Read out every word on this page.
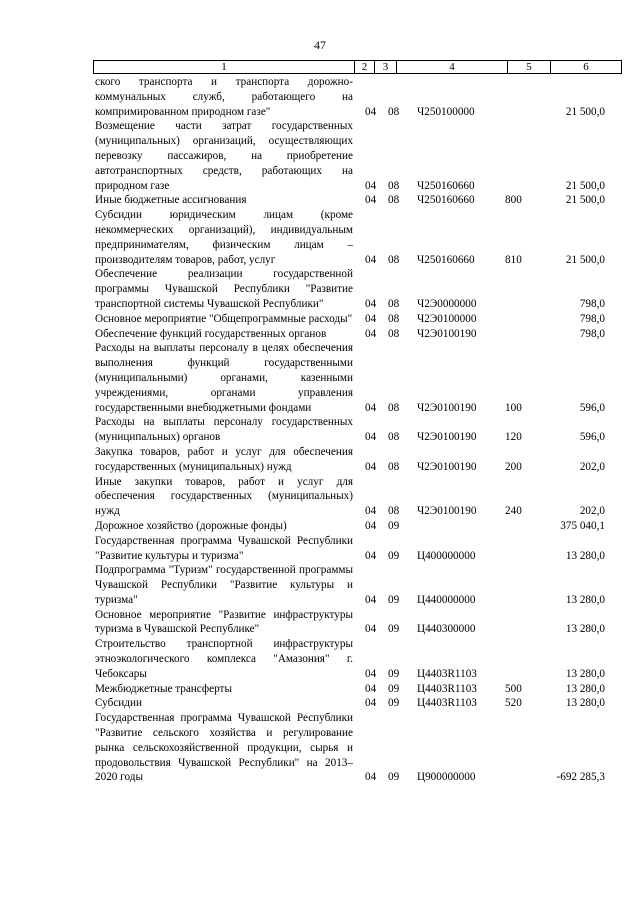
47
1	2	3	4	5	6
ского транспорта и транспорта дорожно-коммунальных служб, работающего на компримированном природном газе"	04 08 Ч250100000	21 500,0
Возмещение части затрат государственных (муниципальных) организаций, осуществляющих перевозку пассажиров, на приобретение автотранспортных средств, работающих на природном газе	04 08 Ч250160660	21 500,0
Иные бюджетные ассигнования	04 08 Ч250160660	800	21 500,0
Субсидии юридическим лицам (кроме некоммерческих организаций), индивидуальным предпринимателям, физическим лицам – производителям товаров, работ, услуг	04 08 Ч250160660	810	21 500,0
Обеспечение реализации государственной программы Чувашской Республики "Развитие транспортной системы Чувашской Республики"	04 08 Ч2Э0000000	798,0
Основное мероприятие "Общепрограммные расходы" 04 08 Ч2Э0100000	798,0
Обеспечение функций государственных органов	04 08 Ч2Э0100190	798,0
Расходы на выплаты персоналу в целях обеспечения выполнения функций государственными (муниципальными) органами, казенными учреждениями, органами управления государственными внебюджетными фондами	04 08 Ч2Э0100190	100	596,0
Расходы на выплаты персоналу государственных (муниципальных) органов	04 08 Ч2Э0100190	120	596,0
Закупка товаров, работ и услуг для обеспечения государственных (муниципальных) нужд	04 08 Ч2Э0100190	200	202,0
Иные закупки товаров, работ и услуг для обеспечения государственных (муниципальных) нужд	04 08 Ч2Э0100190	240	202,0
Дорожное хозяйство (дорожные фонды)	04 09	375 040,1
Государственная программа Чувашской Республики "Развитие культуры и туризма"	04 09 Ц400000000	13 280,0
Подпрограмма "Туризм" государственной программы Чувашской Республики "Развитие культуры и туризма"	04 09 Ц440000000	13 280,0
Основное мероприятие "Развитие инфраструктуры туризма в Чувашской Республике"	04 09 Ц440300000	13 280,0
Строительство транспортной инфраструктуры этноэкологического комплекса "Амазония" г. Чебоксары	04 09 Ц4403R1103	13 280,0
Межбюджетные трансферты	04 09 Ц4403R1103	500	13 280,0
Субсидии	04 09 Ц4403R1103	520	13 280,0
Государственная программа Чувашской Республики "Развитие сельского хозяйства и регулирование рынка сельскохозяйственной продукции, сырья и продовольствия Чувашской Республики" на 2013–2020 годы	04 09 Ц900000000	-692 285,3
